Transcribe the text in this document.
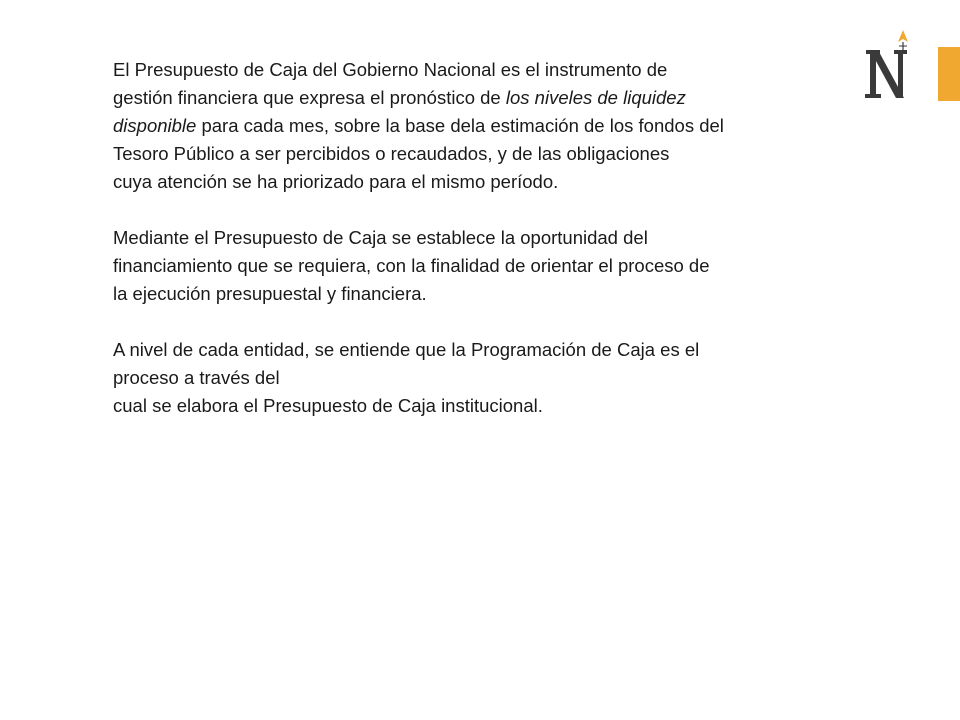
El Presupuesto de Caja del Gobierno Nacional es el instrumento de
gestión financiera que expresa el pronóstico de los niveles de liquidez
disponible para cada mes, sobre la base dela estimación de los fondos del
Tesoro Público a ser percibidos o recaudados, y de las obligaciones
cuya atención se ha priorizado para el mismo período.

Mediante el Presupuesto de Caja se establece la oportunidad del
financiamiento que se requiera, con la finalidad de orientar el proceso de
la ejecución presupuestal y financiera.

A nivel de cada entidad, se entiende que la Programación de Caja es el
proceso a través del
cual se elabora el Presupuesto de Caja institucional.
